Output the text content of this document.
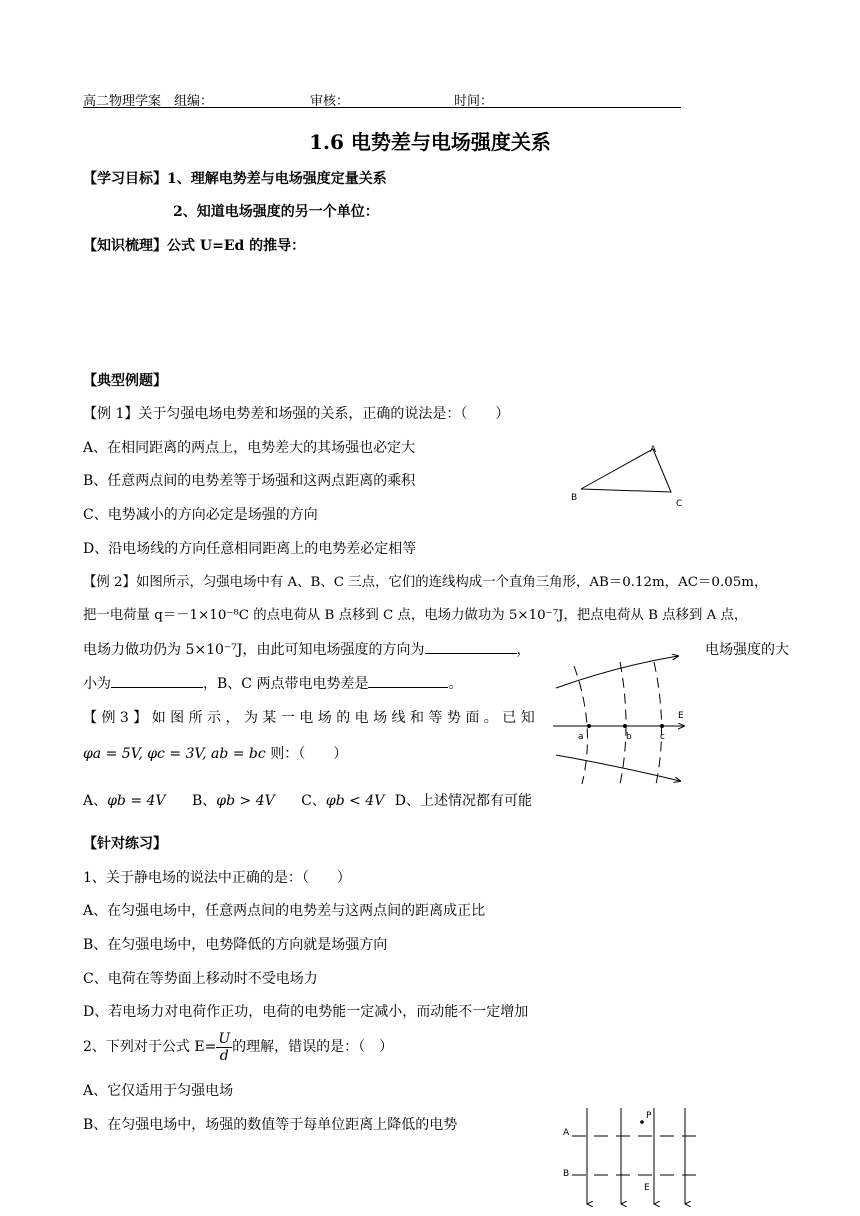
高二物理学案　组编：	审核：	时间：
1.6 电势差与电场强度关系
【学习目标】1、理解电势差与电场强度定量关系
2、知道电场强度的另一个单位：
【知识梳理】公式 U=Ed 的推导：
【典型例题】
【例 1】关于匀强电场电势差和场强的关系，正确的说法是：（　　）
A、在相同距离的两点上，电势差大的其场强也必定大
B、任意两点间的电势差等于场强和这两点距离的乘积
C、电势减小的方向必定是场强的方向
D、沿电场线的方向任意相同距离上的电势差必定相等
A
B
C
【例 2】如图所示，匀强电场中有 A、B、C 三点，它们的连线构成一个直角三角形，AB＝0.12m，AC＝0.05m，
把一电荷量 q＝－1×10⁻⁸C 的点电荷从 B 点移到 C 点，电场力做功为 5×10⁻⁷J，把点电荷从 B 点移到 A 点，
电场力做功仍为 5×10⁻⁷J，由此可知电场强度的方向为	，	电场强度的大
小为	，B、C 两点带电电势差是	。
a	b	c
E
【 例 3 】 如 图 所 示 ， 为 某 一 电 场 的 电 场 线 和 等 势 面 。 已 知
φa = 5V, φc = 3V, ab = bc 则：（　　）
A、φb = 4V B、φb > 4V C、φb < 4V D、上述情况都有可能
【针对练习】
1、关于静电场的说法中正确的是：（　　）
A、在匀强电场中，任意两点间的电势差与这两点间的距离成正比
B、在匀强电场中，电势降低的方向就是场强方向
C、电荷在等势面上移动时不受电场力
D、若电场力对电荷作正功，电荷的电势能一定减小，而动能不一定增加
2、下列对于公式 $E= \frac{U}{d}$ 的理解，错误的是：（　）
A、它仅适用于匀强电场
B、在匀强电场中，场强的数值等于每单位距离上降低的电势	A
B
P
E
